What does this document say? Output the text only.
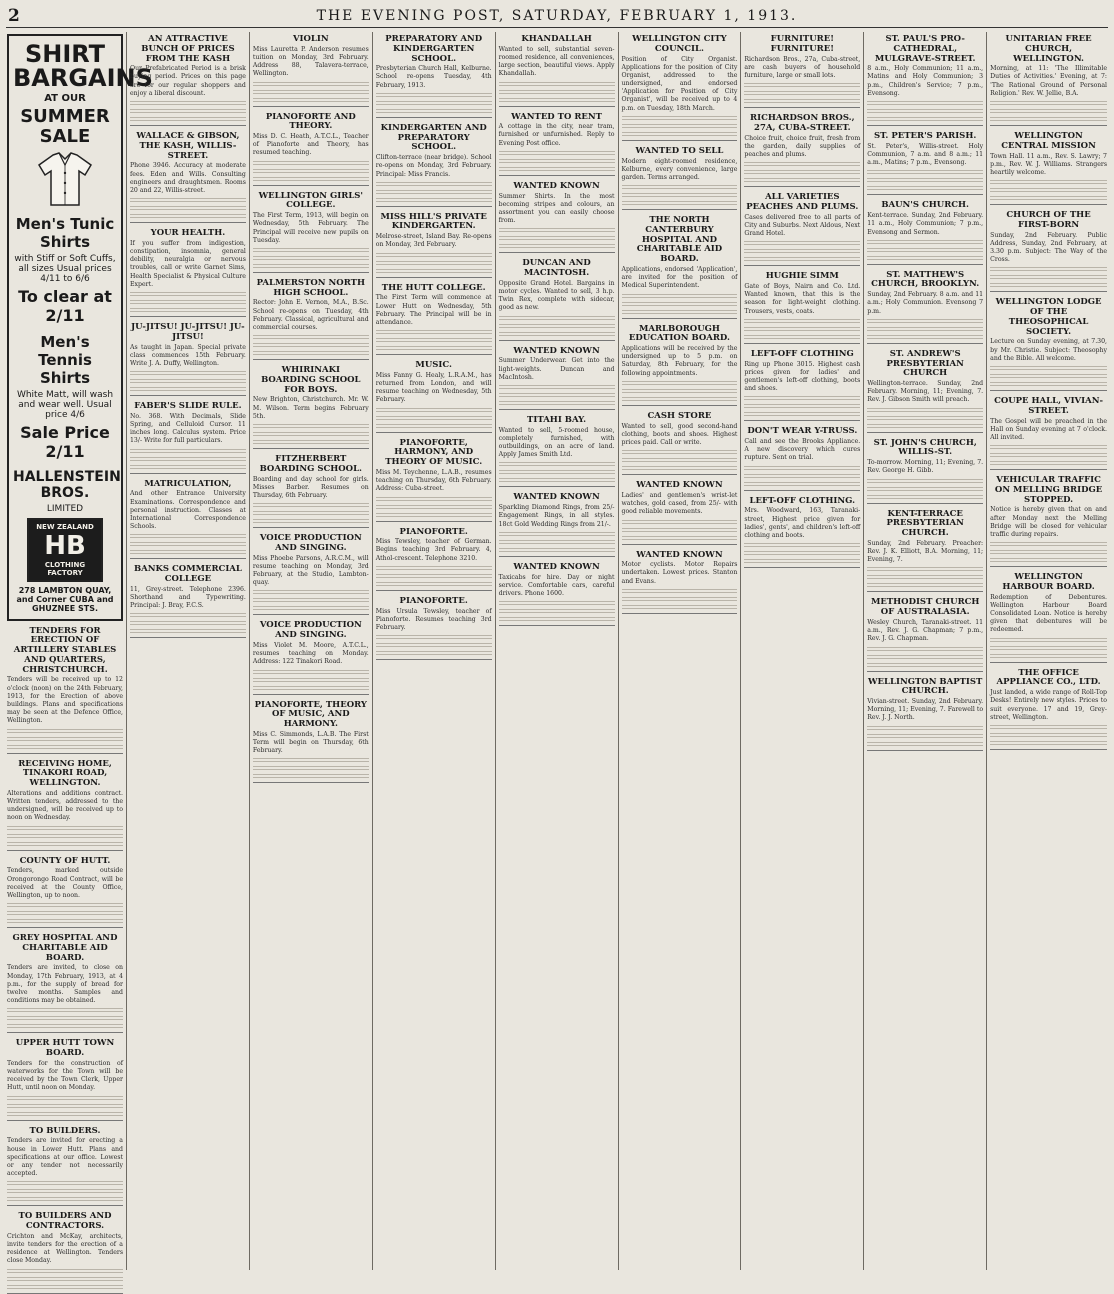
2	THE EVENING POST, SATURDAY, FEBRUARY 1, 1913.
SHIRT BARGAINS
AT OUR
SUMMER SALE
Men's Tunic Shirts
with Stiff or Soft Cuffs, all sizes Usual prices 4/11 to 6/6
To clear at 2/11
Men's Tennis Shirts
White Matt, will wash and wear well. Usual price 4/6
Sale Price 2/11
HALLENSTEIN BROS.
LIMITED
NEW ZEALAND
HB
CLOTHING FACTORY
278 LAMBTON QUAY, and Corner CUBA and GHUZNEE STS.
TENDERS FOR ERECTION OF ARTILLERY STABLES AND QUARTERS, CHRISTCHURCH.
Tenders will be received up to 12 o'clock (noon) on the 24th February, 1913, for the Erection of above buildings. Plans and specifications may be seen at the Defence Office, Wellington.
RECEIVING HOME, TINAKORI ROAD, WELLINGTON.
Alterations and additions contract. Written tenders, addressed to the undersigned, will be received up to noon on Wednesday.
COUNTY OF HUTT.
Tenders, marked outside Orongorongo Road Contract, will be received at the County Office, Wellington, up to noon.
GREY HOSPITAL AND CHARITABLE AID BOARD.
Tenders are invited, to close on Monday, 17th February, 1913, at 4 p.m., for the supply of bread for twelve months. Samples and conditions may be obtained.
UPPER HUTT TOWN BOARD.
Tenders for the construction of waterworks for the Town will be received by the Town Clerk, Upper Hutt, until noon on Monday.
TO BUILDERS.
Tenders are invited for erecting a house in Lower Hutt. Plans and specifications at our office. Lowest or any tender not necessarily accepted.
TO BUILDERS AND CONTRACTORS.
Crichton and McKay, architects, invite tenders for the erection of a residence at Wellington. Tenders close Monday.
AN ATTRACTIVE BUNCH OF PRICES FROM THE KASH
Our Prefabricated Period is a brisk buying period. Prices on this page are for our regular shoppers and enjoy a liberal discount.
WALLACE & GIBSON, THE KASH, WILLIS-STREET.
Phone 3946. Accuracy at moderate fees. Eden and Wills. Consulting engineers and draughtsmen. Rooms 20 and 22, Willis-street.
YOUR HEALTH.
If you suffer from indigestion, constipation, insomnia, general debility, neuralgia or nervous troubles, call or write Garnet Sims, Health Specialist & Physical Culture Expert.
JU-JITSU! JU-JITSU! JU-JITSU!
As taught in Japan. Special private class commences 15th February. Write J. A. Duffy, Wellington.
FABER'S SLIDE RULE.
No. 368. With Decimals, Slide Spring, and Celluloid Cursor. 11 inches long. Calculus system. Price 13/- Write for full particulars.
MATRICULATION,
And other Entrance University Examinations. Correspondence and personal instruction. Classes at International Correspondence Schools.
BANKS COMMERCIAL COLLEGE
11, Grey-street. Telephone 2396. Shorthand and Typewriting. Principal: J. Bray, F.C.S.
VIOLIN
Miss Lauretta P. Anderson resumes tuition on Monday, 3rd February. Address 88, Talavera-terrace, Wellington.
PIANOFORTE AND THEORY.
Miss D. C. Heath, A.T.C.L., Teacher of Pianoforte and Theory, has resumed teaching.
WELLINGTON GIRLS' COLLEGE.
The First Term, 1913, will begin on Wednesday, 5th February. The Principal will receive new pupils on Tuesday.
PALMERSTON NORTH HIGH SCHOOL.
Rector: John E. Vernon, M.A., B.Sc. School re-opens on Tuesday, 4th February. Classical, agricultural and commercial courses.
WHIRINAKI BOARDING SCHOOL FOR BOYS.
New Brighton, Christchurch. Mr. W. M. Wilson. Term begins February 5th.
FITZHERBERT BOARDING SCHOOL.
Boarding and day school for girls. Misses Barber. Resumes on Thursday, 6th February.
VOICE PRODUCTION AND SINGING.
Miss Phoebe Parsons, A.R.C.M., will resume teaching on Monday, 3rd February, at the Studio, Lambton-quay.
VOICE PRODUCTION AND SINGING.
Miss Violet M. Moore, A.T.C.L., resumes teaching on Monday. Address: 122 Tinakori Road.
PIANOFORTE, THEORY OF MUSIC, AND HARMONY.
Miss C. Simmonds, L.A.B. The First Term will begin on Thursday, 6th February.
PREPARATORY AND KINDERGARTEN SCHOOL.
Presbyterian Church Hall, Kelburne. School re-opens Tuesday, 4th February, 1913.
KINDERGARTEN AND PREPARATORY SCHOOL.
Clifton-terrace (near bridge). School re-opens on Monday, 3rd February. Principal: Miss Francis.
MISS HILL'S PRIVATE KINDERGARTEN.
Melrose-street, Island Bay. Re-opens on Monday, 3rd February.
THE HUTT COLLEGE.
The First Term will commence at Lower Hutt on Wednesday, 5th February. The Principal will be in attendance.
MUSIC.
Miss Fanny G. Healy, L.R.A.M., has returned from London, and will resume teaching on Wednesday, 5th February.
PIANOFORTE, HARMONY, AND THEORY OF MUSIC.
Miss M. Teychenne, L.A.B., resumes teaching on Thursday, 6th February. Address: Cuba-street.
PIANOFORTE.
Miss Tewsley, teacher of German. Begins teaching 3rd February. 4, Athol-crescent. Telephone 3210.
PIANOFORTE.
Miss Ursula Tewsley, teacher of Pianoforte. Resumes teaching 3rd February.
KHANDALLAH
Wanted to sell, substantial seven-roomed residence, all conveniences, large section, beautiful views. Apply Khandallah.
WANTED TO RENT
A cottage in the city, near tram, furnished or unfurnished. Reply to Evening Post office.
WANTED KNOWN
Summer Shirts. In the most becoming stripes and colours, an assortment you can easily choose from.
DUNCAN AND MACINTOSH.
Opposite Grand Hotel. Bargains in motor cycles. Wanted to sell, 3 h.p. Twin Rex, complete with sidecar, good as new.
WANTED KNOWN
Summer Underwear. Get into the light-weights. Duncan and MacIntosh.
TITAHI BAY.
Wanted to sell, 5-roomed house, completely furnished, with outbuildings, on an acre of land. Apply James Smith Ltd.
WANTED KNOWN
Sparkling Diamond Rings, from 25/- Engagement Rings, in all styles. 18ct Gold Wedding Rings from 21/-.
WANTED KNOWN
Taxicabs for hire. Day or night service. Comfortable cars, careful drivers. Phone 1600.
WELLINGTON CITY COUNCIL.
Position of City Organist. Applications for the position of City Organist, addressed to the undersigned, and endorsed 'Application for Position of City Organist', will be received up to 4 p.m. on Tuesday, 18th March.
WANTED TO SELL
Modern eight-roomed residence, Kelburne, every convenience, large garden. Terms arranged.
THE NORTH CANTERBURY HOSPITAL AND CHARITABLE AID BOARD.
Applications, endorsed 'Application', are invited for the position of Medical Superintendent.
MARLBOROUGH EDUCATION BOARD.
Applications will be received by the undersigned up to 5 p.m. on Saturday, 8th February, for the following appointments.
CASH STORE
Wanted to sell, good second-hand clothing, boots and shoes. Highest prices paid. Call or write.
WANTED KNOWN
Ladies' and gentlemen's wrist-let watches, gold cased, from 25/- with good reliable movements.
WANTED KNOWN
Motor cyclists. Motor Repairs undertaken. Lowest prices. Stanton and Evans.
FURNITURE! FURNITURE!
Richardson Bros., 27a, Cuba-street, are cash buyers of household furniture, large or small lots.
RICHARDSON BROS., 27A, CUBA-STREET.
Choice fruit, choice fruit, fresh from the garden, daily supplies of peaches and plums.
ALL VARIETIES PEACHES AND PLUMS.
Cases delivered free to all parts of City and Suburbs. Next Aldous, Next Grand Hotel.
HUGHIE SIMM
Gate of Boys, Nairn and Co. Ltd. Wanted known, that this is the season for light-weight clothing. Trousers, vests, coats.
LEFT-OFF CLOTHING
Ring up Phone 3015. Highest cash prices given for ladies' and gentlemen's left-off clothing, boots and shoes.
DON'T WEAR Y-TRUSS.
Call and see the Brooks Appliance. A new discovery which cures rupture. Sent on trial.
LEFT-OFF CLOTHING.
Mrs. Woodward, 163, Taranaki-street, Highest price given for ladies', gents', and children's left-off clothing and boots.
ST. PAUL'S PRO-CATHEDRAL, MULGRAVE-STREET.
8 a.m., Holy Communion; 11 a.m., Matins and Holy Communion; 3 p.m., Children's Service; 7 p.m., Evensong.
ST. PETER'S PARISH.
St. Peter's, Willis-street. Holy Communion, 7 a.m. and 8 a.m.; 11 a.m., Matins; 7 p.m., Evensong.
BAUN'S CHURCH.
Kent-terrace. Sunday, 2nd February. 11 a.m., Holy Communion; 7 p.m., Evensong and Sermon.
ST. MATTHEW'S CHURCH, BROOKLYN.
Sunday, 2nd February. 8 a.m. and 11 a.m.; Holy Communion. Evensong 7 p.m.
ST. ANDREW'S PRESBYTERIAN CHURCH
Wellington-terrace. Sunday, 2nd February. Morning, 11; Evening, 7. Rev. J. Gibson Smith will preach.
ST. JOHN'S CHURCH, WILLIS-ST.
To-morrow. Morning, 11; Evening, 7. Rev. George H. Gibb.
KENT-TERRACE PRESBYTERIAN CHURCH.
Sunday, 2nd February. Preacher: Rev. J. K. Elliott, B.A. Morning, 11; Evening, 7.
METHODIST CHURCH OF AUSTRALASIA.
Wesley Church, Taranaki-street. 11 a.m., Rev. J. G. Chapman; 7 p.m., Rev. J. G. Chapman.
WELLINGTON BAPTIST CHURCH.
Vivian-street. Sunday, 2nd February. Morning, 11; Evening, 7. Farewell to Rev. J. J. North.
UNITARIAN FREE CHURCH, WELLINGTON.
Morning, at 11: 'The Illimitable Duties of Activities.' Evening, at 7: 'The Rational Ground of Personal Religion.' Rev. W. Jellie, B.A.
WELLINGTON CENTRAL MISSION
Town Hall. 11 a.m., Rev. S. Lawry; 7 p.m., Rev. W. J. Williams. Strangers heartily welcome.
CHURCH OF THE FIRST-BORN
Sunday, 2nd February. Public Address, Sunday, 2nd February, at 3.30 p.m. Subject: The Way of the Cross.
WELLINGTON LODGE OF THE THEOSOPHICAL SOCIETY.
Lecture on Sunday evening, at 7.30, by Mr. Christie. Subject: Theosophy and the Bible. All welcome.
COUPE HALL, VIVIAN-STREET.
The Gospel will be preached in the Hall on Sunday evening at 7 o'clock. All invited.
VEHICULAR TRAFFIC ON MELLING BRIDGE STOPPED.
Notice is hereby given that on and after Monday next the Melling Bridge will be closed for vehicular traffic during repairs.
WELLINGTON HARBOUR BOARD.
Redemption of Debentures. Wellington Harbour Board Consolidated Loan. Notice is hereby given that debentures will be redeemed.
THE OFFICE APPLIANCE CO., LTD.
Just landed, a wide range of Roll-Top Desks! Entirely new styles. Prices to suit everyone. 17 and 19, Grey-street, Wellington.
